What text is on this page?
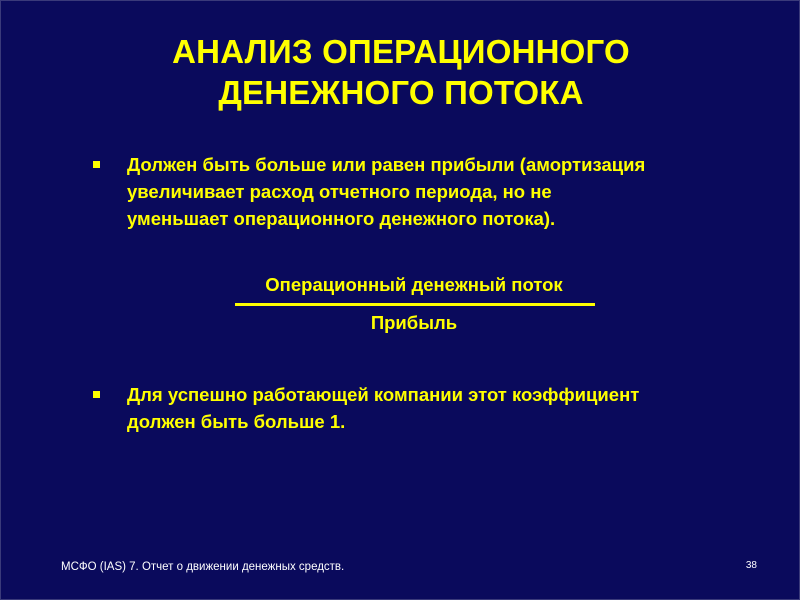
АНАЛИЗ ОПЕРАЦИОННОГО
ДЕНЕЖНОГО ПОТОКА
Должен быть больше или равен прибыли (амортизация
увеличивает расход отчетного периода, но не
уменьшает операционного денежного потока).
Операционный денежный поток
Прибыль
Для успешно работающей компании этот коэффициент
должен быть больше 1.
МСФО (IAS) 7. Отчет о движении денежных средств.	38
